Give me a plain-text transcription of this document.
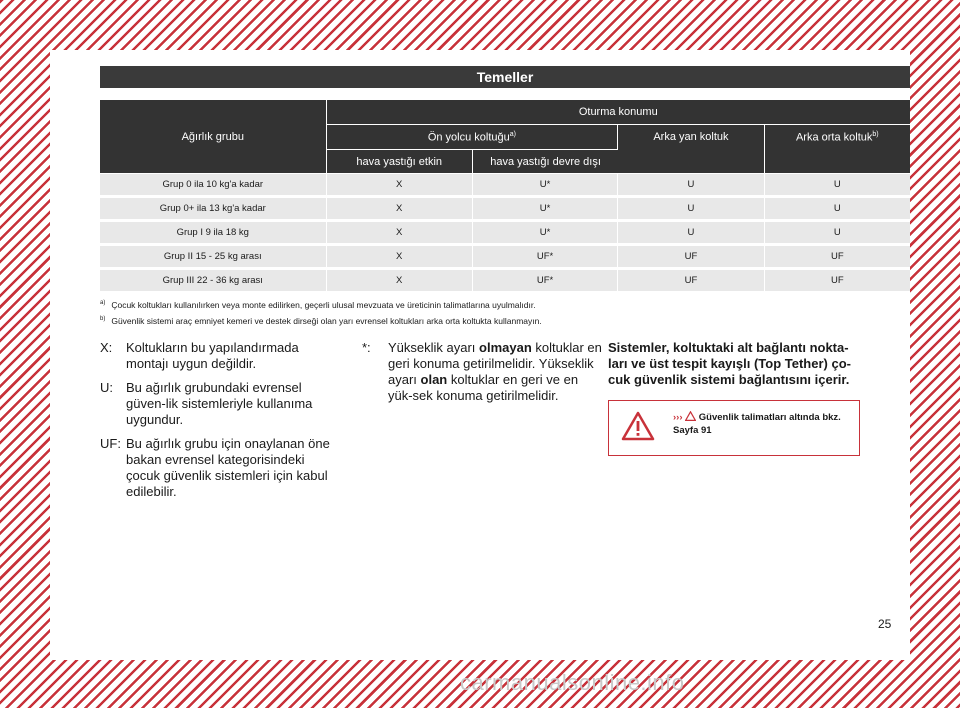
Temeller
Ağırlık grubu	Oturma konumu			
	Ön yolcu koltuğu$^{a)}$		Arka yan koltuk	Arka orta koltuk$^{b)}$
	hava yastığı etkin	hava yastığı devre dışı		
Grup 0 ila 10 kg'a kadar	X	U*	U	U
Grup 0+ ila 13 kg'a kadar	X	U*	U	U
Grup I 9 ila 18 kg	X	U*	U	U
Grup II 15 - 25 kg arası	X	UF*	UF	UF
Grup III 22 - 36 kg arası	X	UF*	UF	UF
$^{a)}$ Çocuk koltukları kullanılırken veya monte edilirken, geçerli ulusal mevzuata ve üreticinin talimatlarına uyulmalıdır.
$^{b)}$ Güvenlik sistemi araç emniyet kemeri ve destek dirseği olan yarı evrensel koltukları arka orta koltukta kullanmayın.
X:	Koltukların bu yapılandırmada montajı uygun değildir.
U:	Bu ağırlık grubundaki evrensel güven-lik sistemleriyle kullanıma uygundur.
UF: Bu ağırlık grubu için onaylanan öne bakan evrensel kategorisindeki çocuk güvenlik sistemleri için kabul edilebilir.
*:	Yükseklik ayarı olmayan koltuklar en geri konuma getirilmelidir. Yükseklik ayarı olan koltuklar en geri ve en yük-sek konuma getirilmelidir.
Sistemler, koltuktaki alt bağlantı nokta-ları ve üst tespit kayışlı (Top Tether) ço-cuk güvenlik sistemi bağlantısını içerir.
››› Güvenlik talimatları altında bkz.
Sayfa 91
25
carmanualsonline.info
